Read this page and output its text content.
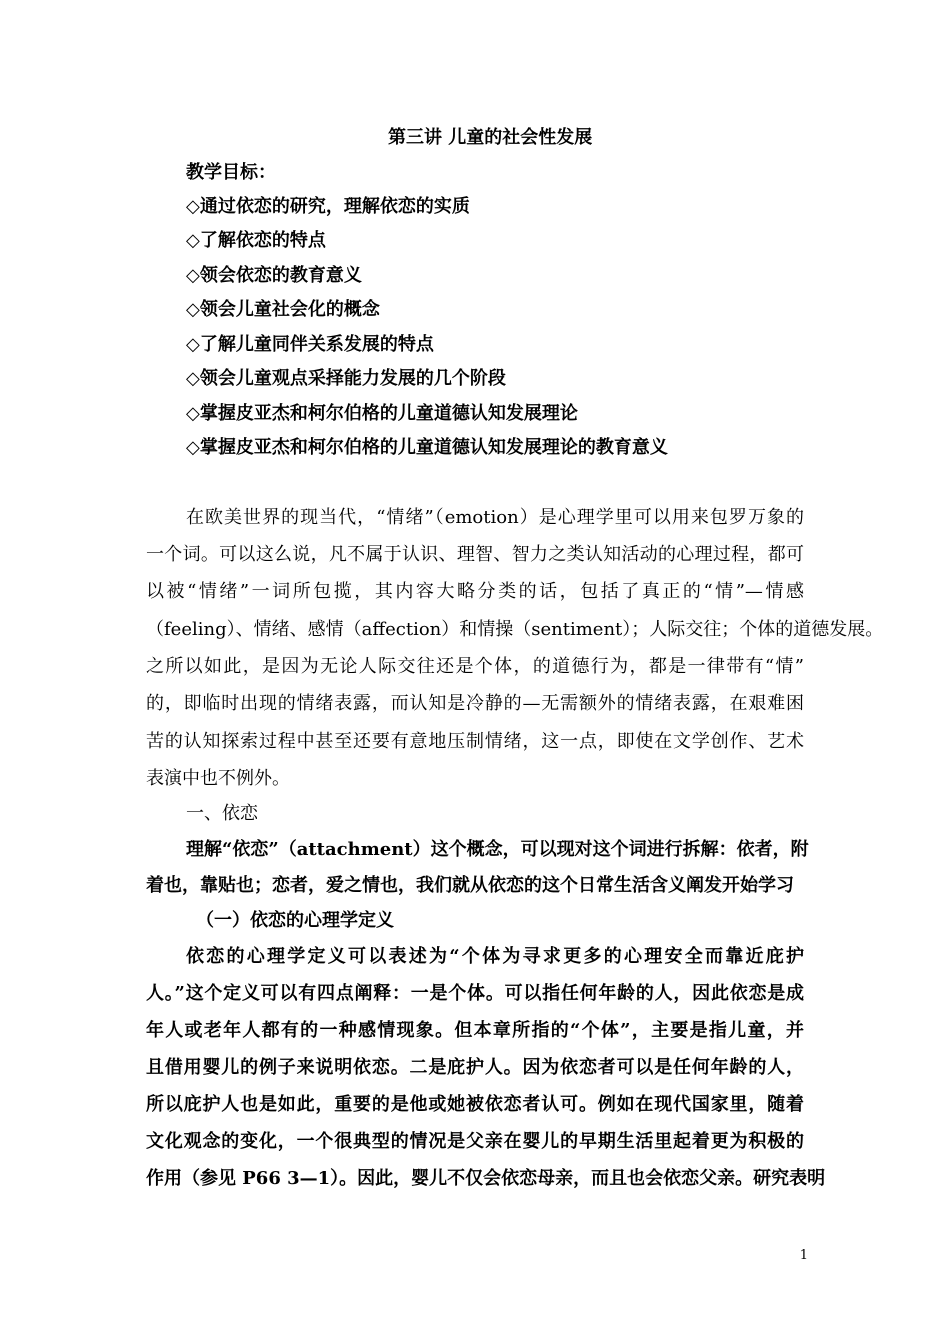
第三讲 儿童的社会性发展
教学目标：
◇通过依恋的研究，理解依恋的实质
◇了解依恋的特点
◇领会依恋的教育意义
◇领会儿童社会化的概念
◇了解儿童同伴关系发展的特点
◇领会儿童观点采择能力发展的几个阶段
◇掌握皮亚杰和柯尔伯格的儿童道德认知发展理论
◇掌握皮亚杰和柯尔伯格的儿童道德认知发展理论的教育意义
在欧美世界的现当代，“情绪”（emotion）是心理学里可以用来包罗万象的
一个词。可以这么说，凡不属于认识、理智、智力之类认知活动的心理过程，都可
以被“情绪”一词所包揽，其内容大略分类的话，包括了真正的“情”—情感
（feeling）、情绪、感情（affection）和情操（sentiment）；人际交往；个体的道德发展。
之所以如此，是因为无论人际交往还是个体，的道德行为，都是一律带有“情”
的，即临时出现的情绪表露，而认知是冷静的—无需额外的情绪表露，在艰难困
苦的认知探索过程中甚至还要有意地压制情绪，这一点，即使在文学创作、艺术
表演中也不例外。
一、依恋
理解“依恋”（attachment）这个概念，可以现对这个词进行拆解：依者，附
着也，靠贴也；恋者，爱之情也，我们就从依恋的这个日常生活含义阐发开始学习
（一）依恋的心理学定义
依恋的心理学定义可以表述为“个体为寻求更多的心理安全而靠近庇护
人。”这个定义可以有四点阐释：一是个体。可以指任何年龄的人，因此依恋是成
年人或老年人都有的一种感情现象。但本章所指的“个体”，主要是指儿童，并
且借用婴儿的例子来说明依恋。二是庇护人。因为依恋者可以是任何年龄的人，
所以庇护人也是如此，重要的是他或她被依恋者认可。例如在现代国家里，随着
文化观念的变化，一个很典型的情况是父亲在婴儿的早期生活里起着更为积极的
作用（参见 P66 3—1）。因此，婴儿不仅会依恋母亲，而且也会依恋父亲。研究表明
1
